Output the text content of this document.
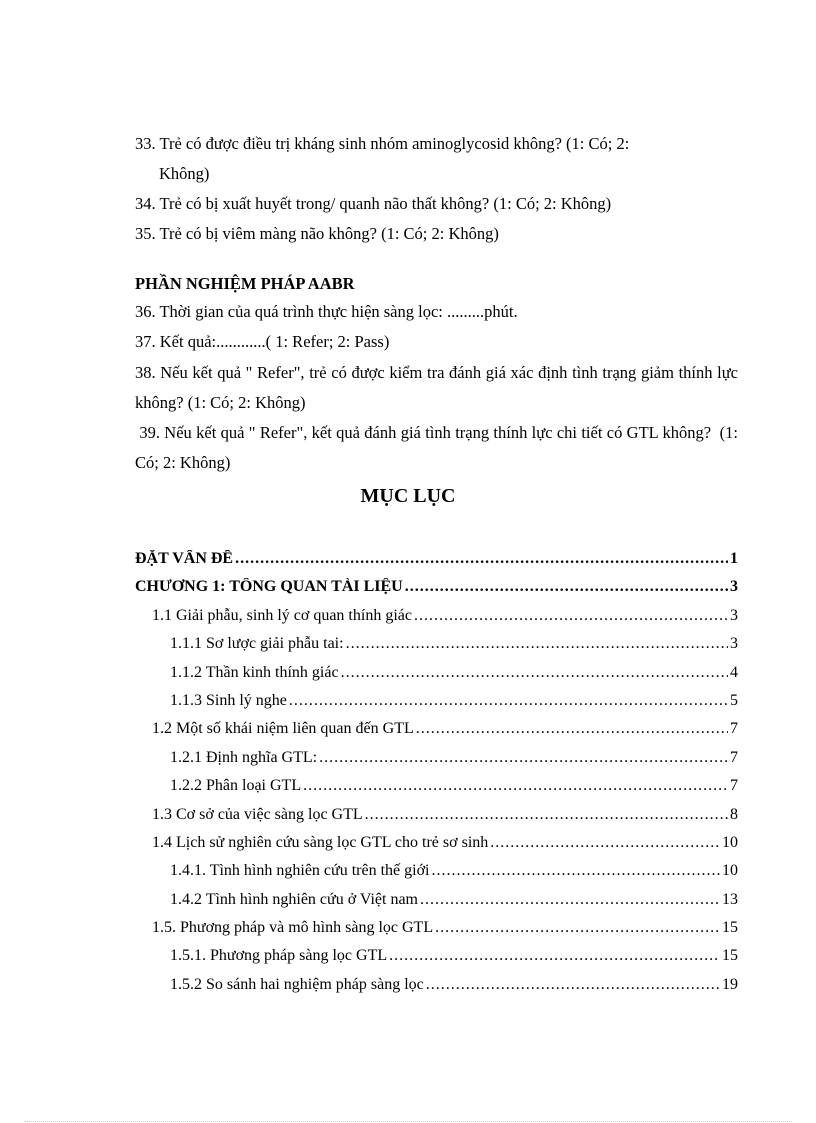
33. Trẻ có được điều trị kháng sinh nhóm aminoglycosid không? (1: Có; 2:
Không)
34. Trẻ có bị xuất huyết trong/ quanh não thất không? (1: Có; 2: Không)
35. Trẻ có bị viêm màng não không? (1: Có; 2: Không)
PHẦN NGHIỆM PHÁP AABR
36. Thời gian của quá trình thực hiện sàng lọc: .........phút.
37. Kết quả:............( 1: Refer; 2: Pass)
38. Nếu kết quả " Refer", trẻ có được kiểm tra đánh giá xác định tình trạng giảm thính lực không? (1: Có; 2: Không)
39. Nếu kết quả " Refer", kết quả đánh giá tình trạng thính lực chi tiết có GTL không?  (1: Có; 2: Không)
MỤC LỤC
ĐẶT VẤN ĐỀ .....	1
CHƯƠNG 1: TỔNG QUAN TÀI LIỆU .....	3
1.1 Giải phẫu, sinh lý cơ quan thính giác .....	3
1.1.1 Sơ lược giải phẫu tai: .....	3
1.1.2 Thần kinh thính giác .....	4
1.1.3 Sinh lý nghe .....	5
1.2 Một số khái niệm liên quan đến GTL .....	7
1.2.1 Định nghĩa GTL: .....	7
1.2.2 Phân loại GTL .....	7
1.3 Cơ sở của việc sàng lọc GTL .....	8
1.4 Lịch sử nghiên cứu sàng lọc GTL cho trẻ sơ sinh .....	10
1.4.1. Tình hình nghiên cứu trên thế giới .....	10
1.4.2 Tình hình nghiên cứu ở Việt nam .....	13
1.5. Phương pháp và mô hình sàng lọc GTL .....	15
1.5.1. Phương pháp sàng lọc GTL .....	15
1.5.2 So sánh hai nghiệm pháp sàng lọc .....	19
